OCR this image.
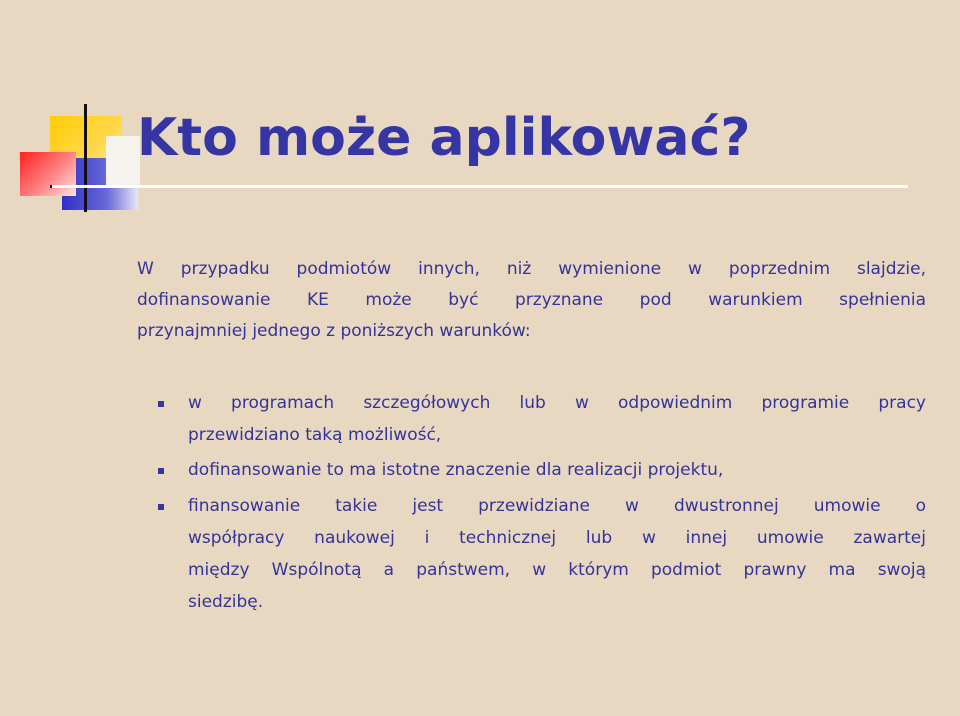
Kto może aplikować?
W przypadku podmiotów innych, niż wymienione w poprzednim slajdzie,
dofinansowanie KE może być przyznane pod warunkiem spełnienia
przynajmniej jednego z poniższych warunków:
w programach szczegółowych lub w odpowiednim programie pracy
przewidziano taką możliwość,
dofinansowanie to ma istotne znaczenie dla realizacji projektu,
finansowanie takie jest przewidziane w dwustronnej umowie o
współpracy naukowej i technicznej lub w innej umowie zawartej
między Wspólnotą a państwem, w którym podmiot prawny ma swoją
siedzibę.
